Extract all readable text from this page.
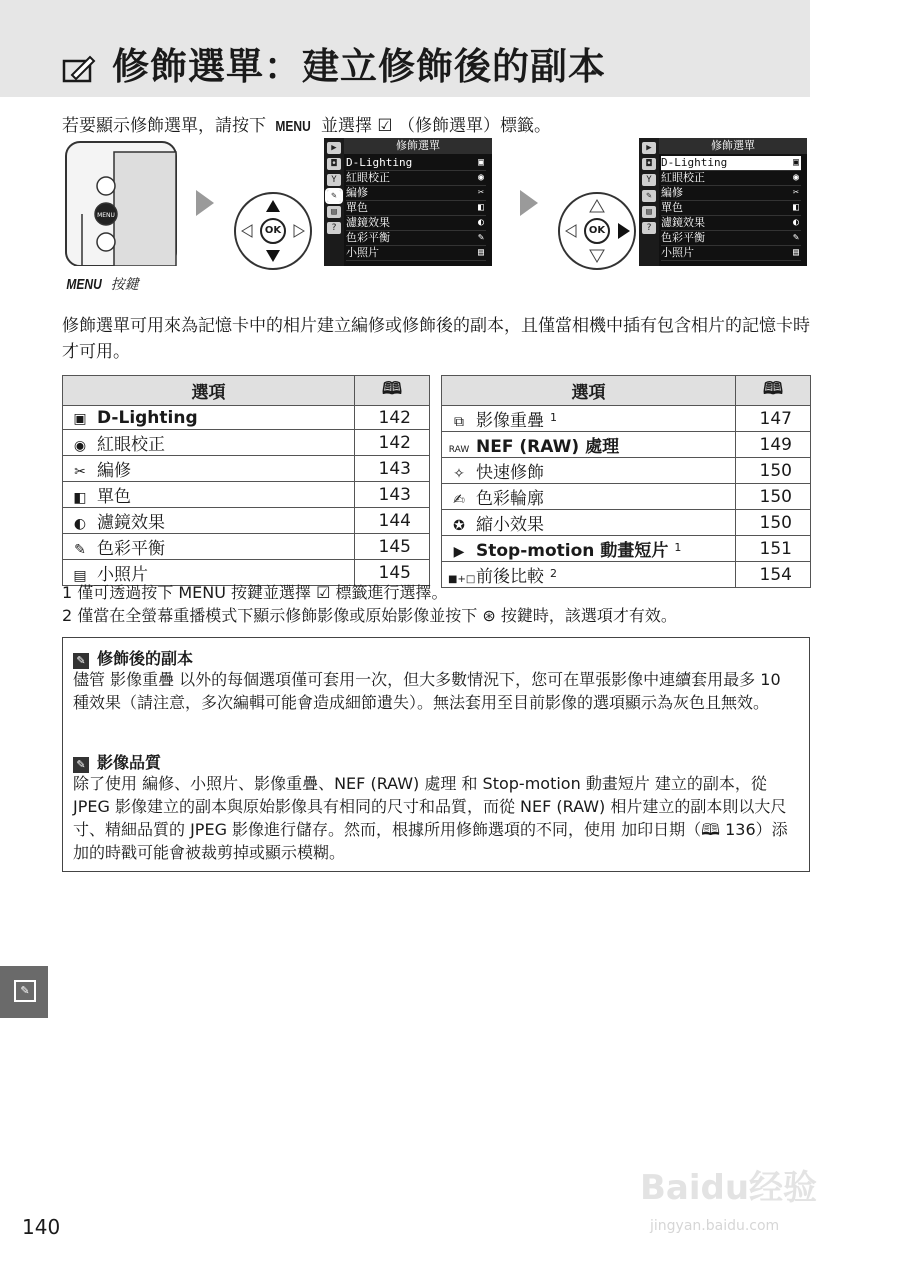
修飾選單：建立修飾後的副本
若要顯示修飾選單，請按下 MENU 並選擇 ☑ （修飾選單）標籤。
MENU
MENU 按鍵
OK	OK
▶
◘
Y
✎
▤
?
修飾選單
D-Lighting	▣
紅眼校正	◉
編修	✂
單色	◧
濾鏡效果	◐
色彩平衡	✎
小照片	▤
▶
◘
Y
✎
▤
?
修飾選單
D-Lighting	▣
紅眼校正	◉
編修	✂
單色	◧
濾鏡效果	◐
色彩平衡	✎
小照片	▤
修飾選單可用來為記憶卡中的相片建立編修或修飾後的副本，且僅當相機中插有包含相片的記憶卡時才可用。
選項	🕮
▣ D-Lighting	142
◉ 紅眼校正	142
✂ 編修	143
◧ 單色	143
◐ 濾鏡效果	144
✎ 色彩平衡	145
▤ 小照片	145
選項	🕮
⧉ 影像重疊 $^1$	147
RAW NEF (RAW) 處理	149
✧ 快速修飾	150
✍ 色彩輪廓	150
✪ 縮小效果	150
▶ Stop-motion 動畫短片 $^1$	151
■+□前後比較 $^2$	154
1 僅可透過按下 MENU 按鍵並選擇 ☑ 標籤進行選擇。
2 僅當在全螢幕重播模式下顯示修飾影像或原始影像並按下 ⊛ 按鍵時，該選項才有效。
✎ 修飾後的副本
儘管 影像重疊 以外的每個選項僅可套用一次，但大多數情況下，您可在單張影像中連續套用最多 10 種效果（請注意，多次編輯可能會造成細節遺失）。無法套用至目前影像的選項顯示為灰色且無效。
✎ 影像品質
除了使用 編修、小照片、影像重疊、NEF (RAW) 處理 和 Stop-motion 動畫短片 建立的副本，從 JPEG 影像建立的副本與原始影像具有相同的尺寸和品質，而從 NEF (RAW) 相片建立的副本則以大尺寸、精細品質的 JPEG 影像進行儲存。然而，根據所用修飾選項的不同，使用 加印日期（🕮 136）添加的時戳可能會被裁剪掉或顯示模糊。
✎
140
Baidu经验
jingyan.baidu.com
